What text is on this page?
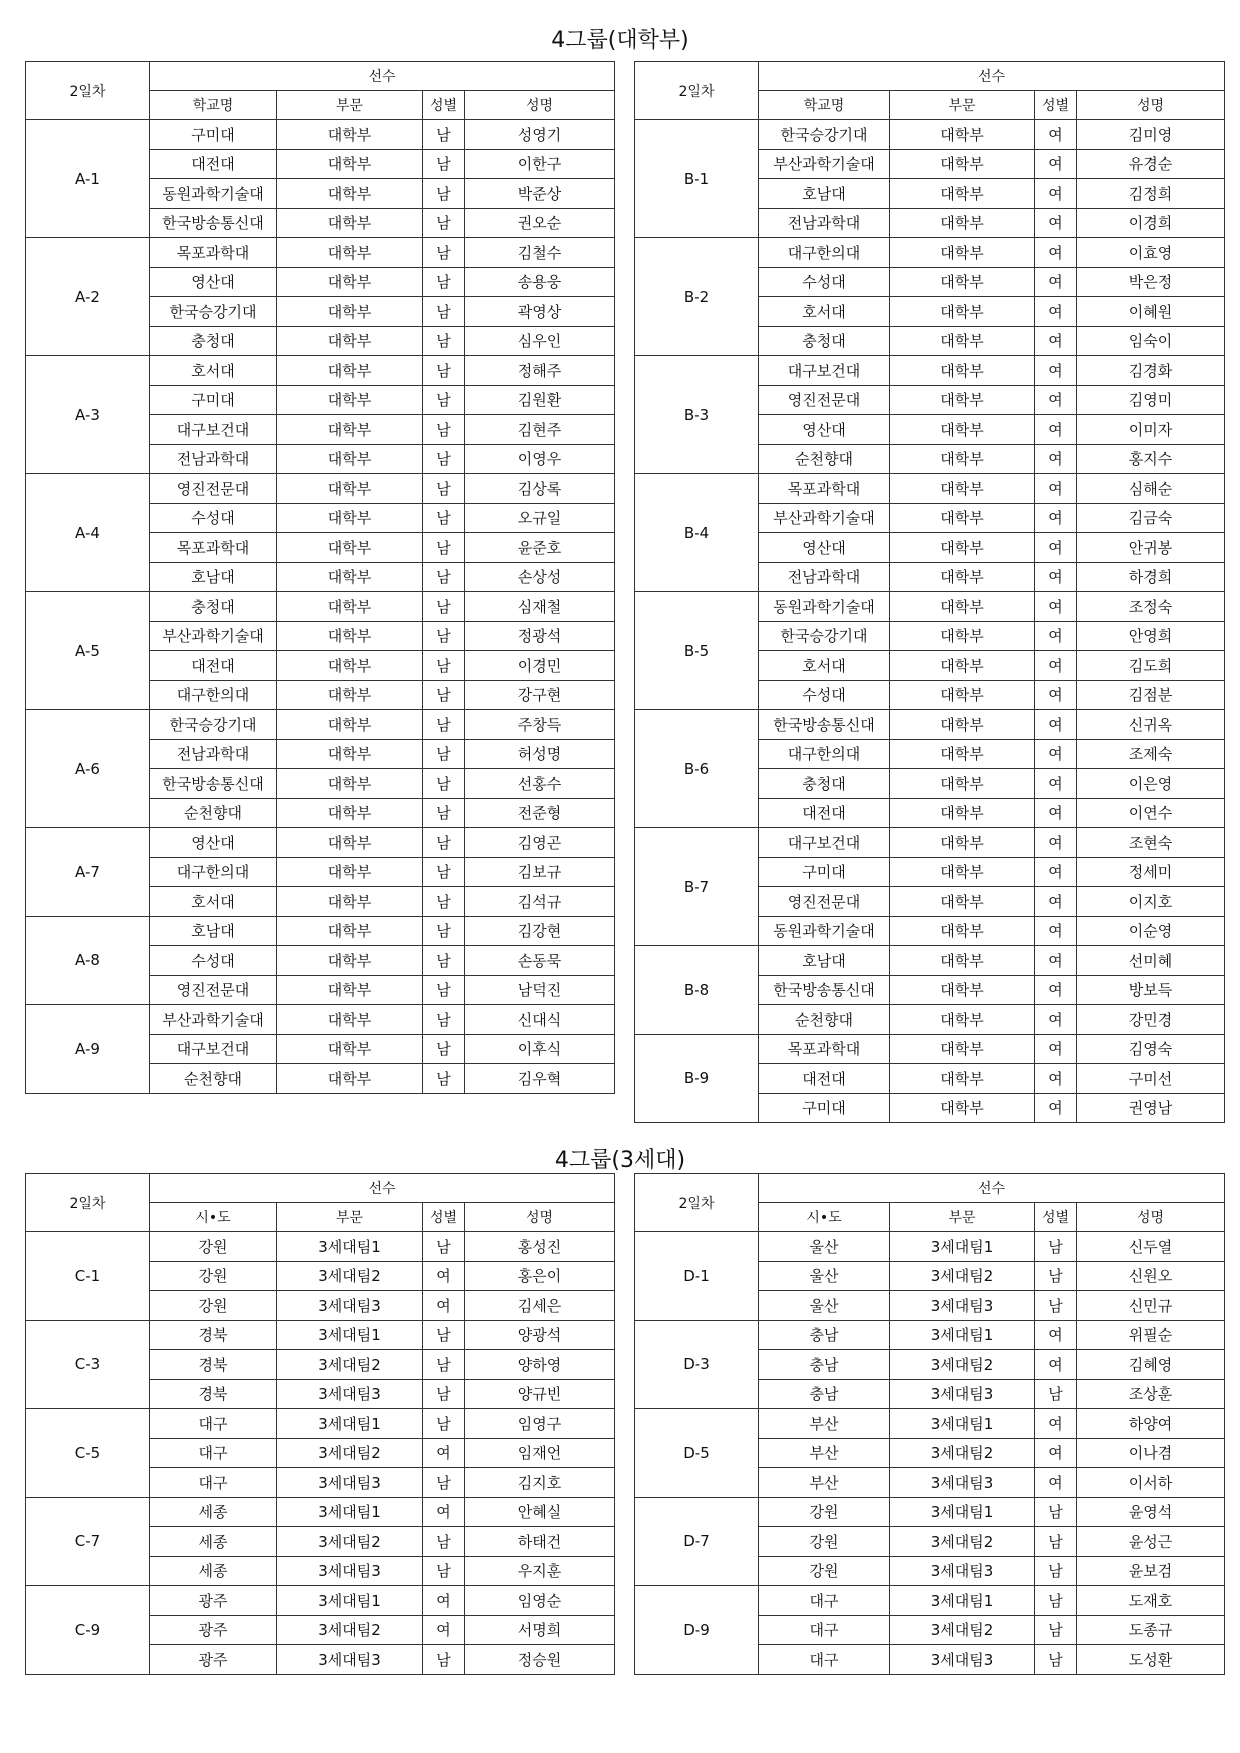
4그룹(대학부)
2일차	선수			
	학교명	부문	성별	성명
A-1	구미대	대학부	남	성영기
	대전대	대학부	남	이한구
	동원과학기술대	대학부	남	박준상
	한국방송통신대	대학부	남	권오순
A-2	목포과학대	대학부	남	김철수
	영산대	대학부	남	송용웅
	한국승강기대	대학부	남	곽영상
	충청대	대학부	남	심우인
A-3	호서대	대학부	남	정해주
	구미대	대학부	남	김원환
	대구보건대	대학부	남	김현주
	전남과학대	대학부	남	이영우
A-4	영진전문대	대학부	남	김상록
	수성대	대학부	남	오규일
	목포과학대	대학부	남	윤준호
	호남대	대학부	남	손상성
A-5	충청대	대학부	남	심재철
	부산과학기술대	대학부	남	정광석
	대전대	대학부	남	이경민
	대구한의대	대학부	남	강구현
A-6	한국승강기대	대학부	남	주창득
	전남과학대	대학부	남	허성명
	한국방송통신대	대학부	남	선홍수
	순천향대	대학부	남	전준형
A-7	영산대	대학부	남	김영곤
	대구한의대	대학부	남	김보규
	호서대	대학부	남	김석규
A-8	호남대	대학부	남	김강현
	수성대	대학부	남	손동묵
	영진전문대	대학부	남	남덕진
A-9	부산과학기술대	대학부	남	신대식
	대구보건대	대학부	남	이후식
	순천향대	대학부	남	김우혁
2일차	선수			
	학교명	부문	성별	성명
B-1	한국승강기대	대학부	여	김미영
	부산과학기술대	대학부	여	유경순
	호남대	대학부	여	김정희
	전남과학대	대학부	여	이경희
B-2	대구한의대	대학부	여	이효영
	수성대	대학부	여	박은정
	호서대	대학부	여	이혜원
	충청대	대학부	여	임숙이
B-3	대구보건대	대학부	여	김경화
	영진전문대	대학부	여	김영미
	영산대	대학부	여	이미자
	순천향대	대학부	여	홍지수
B-4	목포과학대	대학부	여	심해순
	부산과학기술대	대학부	여	김금숙
	영산대	대학부	여	안귀봉
	전남과학대	대학부	여	하경희
B-5	동원과학기술대	대학부	여	조정숙
	한국승강기대	대학부	여	안영희
	호서대	대학부	여	김도희
	수성대	대학부	여	김점분
B-6	한국방송통신대	대학부	여	신귀옥
	대구한의대	대학부	여	조제숙
	충청대	대학부	여	이은영
	대전대	대학부	여	이연수
B-7	대구보건대	대학부	여	조현숙
	구미대	대학부	여	정세미
	영진전문대	대학부	여	이지호
	동원과학기술대	대학부	여	이순영
B-8	호남대	대학부	여	선미혜
	한국방송통신대	대학부	여	방보득
	순천향대	대학부	여	강민경
B-9	목포과학대	대학부	여	김영숙
	대전대	대학부	여	구미선
	구미대	대학부	여	권영남
4그룹(3세대)
2일차	선수			
	시•도	부문	성별	성명
C-1	강원	3세대팀1	남	홍성진
	강원	3세대팀2	여	홍은이
	강원	3세대팀3	여	김세은
C-3	경북	3세대팀1	남	양광석
	경북	3세대팀2	남	양하영
	경북	3세대팀3	남	양규빈
C-5	대구	3세대팀1	남	임영구
	대구	3세대팀2	여	임재언
	대구	3세대팀3	남	김지호
C-7	세종	3세대팀1	여	안혜실
	세종	3세대팀2	남	하태건
	세종	3세대팀3	남	우지훈
C-9	광주	3세대팀1	여	임영순
	광주	3세대팀2	여	서명희
	광주	3세대팀3	남	정승원
2일차	선수			
	시•도	부문	성별	성명
D-1	울산	3세대팀1	남	신두열
	울산	3세대팀2	남	신원오
	울산	3세대팀3	남	신민규
D-3	충남	3세대팀1	여	위필순
	충남	3세대팀2	여	김혜영
	충남	3세대팀3	남	조상훈
D-5	부산	3세대팀1	여	하양여
	부산	3세대팀2	여	이나겸
	부산	3세대팀3	여	이서하
D-7	강원	3세대팀1	남	윤영석
	강원	3세대팀2	남	윤성근
	강원	3세대팀3	남	윤보검
D-9	대구	3세대팀1	남	도재호
	대구	3세대팀2	남	도종규
	대구	3세대팀3	남	도성환
